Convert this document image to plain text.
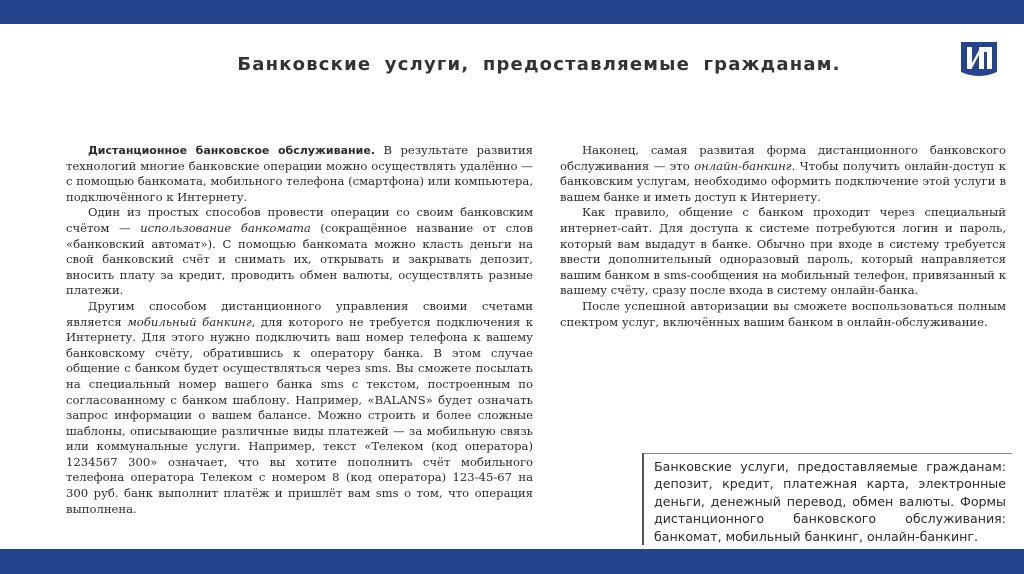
Банковские услуги, предоставляемые гражданам.

Дистанционное банковское обслуживание. В результате развития технологий многие банковские операции можно осуществлять удалённо — с помощью банкомата, мобильного телефона (смартфона) или компьютера, подключённого к Интернету.

Один из простых способов провести операции со своим банковским счётом — использование банкомата (сокращённое название от слов «банковский автомат»). С помощью банкомата можно класть деньги на свой банковский счёт и снимать их, открывать и закрывать депозит, вносить плату за кредит, проводить обмен валюты, осуществлять разные платежи.

Другим способом дистанционного управления своими счетами является мобильный банкинг, для которого не требуется подключения к Интернету. Для этого нужно подключить ваш номер телефона к вашему банковскому счёту, обратившись к оператору банка. В этом случае общение с банком будет осуществляться через sms. Вы сможете посылать на специальный номер вашего банка sms с текстом, построенным по согласованному с банком шаблону. Например, «BALANS» будет означать запрос информации о вашем балансе. Можно строить и более сложные шаблоны, описывающие различные виды платежей — за мобильную связь или коммунальные услуги. Например, текст «Телеком (код оператора) 1234567 300» означает, что вы хотите пополнить счёт мобильного телефона оператора Телеком с номером 8 (код оператора) 123-45-67 на 300 руб. банк выполнит платёж и пришлёт вам sms о том, что операция выполнена.

Наконец, самая развитая форма дистанционного банковского обслуживания — это онлайн-банкинг. Чтобы получить онлайн-доступ к банковским услугам, необходимо оформить подключение этой услуги в вашем банке и иметь доступ к Интернету.

Как правило, общение с банком проходит через специальный интернет-сайт. Для доступа к системе потребуются логин и пароль, который вам выдадут в банке. Обычно при входе в систему требуется ввести дополнительный одноразовый пароль, который направляется вашим банком в sms-сообщения на мобильный телефон, привязанный к вашему счёту, сразу после входа в систему онлайн-банка.

После успешной авторизации вы сможете воспользоваться полным спектром услуг, включённых вашим банком в онлайн-обслуживание.

Банковские услуги, предоставляемые гражданам: депозит, кредит, платежная карта, электронные деньги, денежный перевод, обмен валюты. Формы дистанционного банковского обслуживания: банкомат, мобильный банкинг, онлайн-банкинг.
